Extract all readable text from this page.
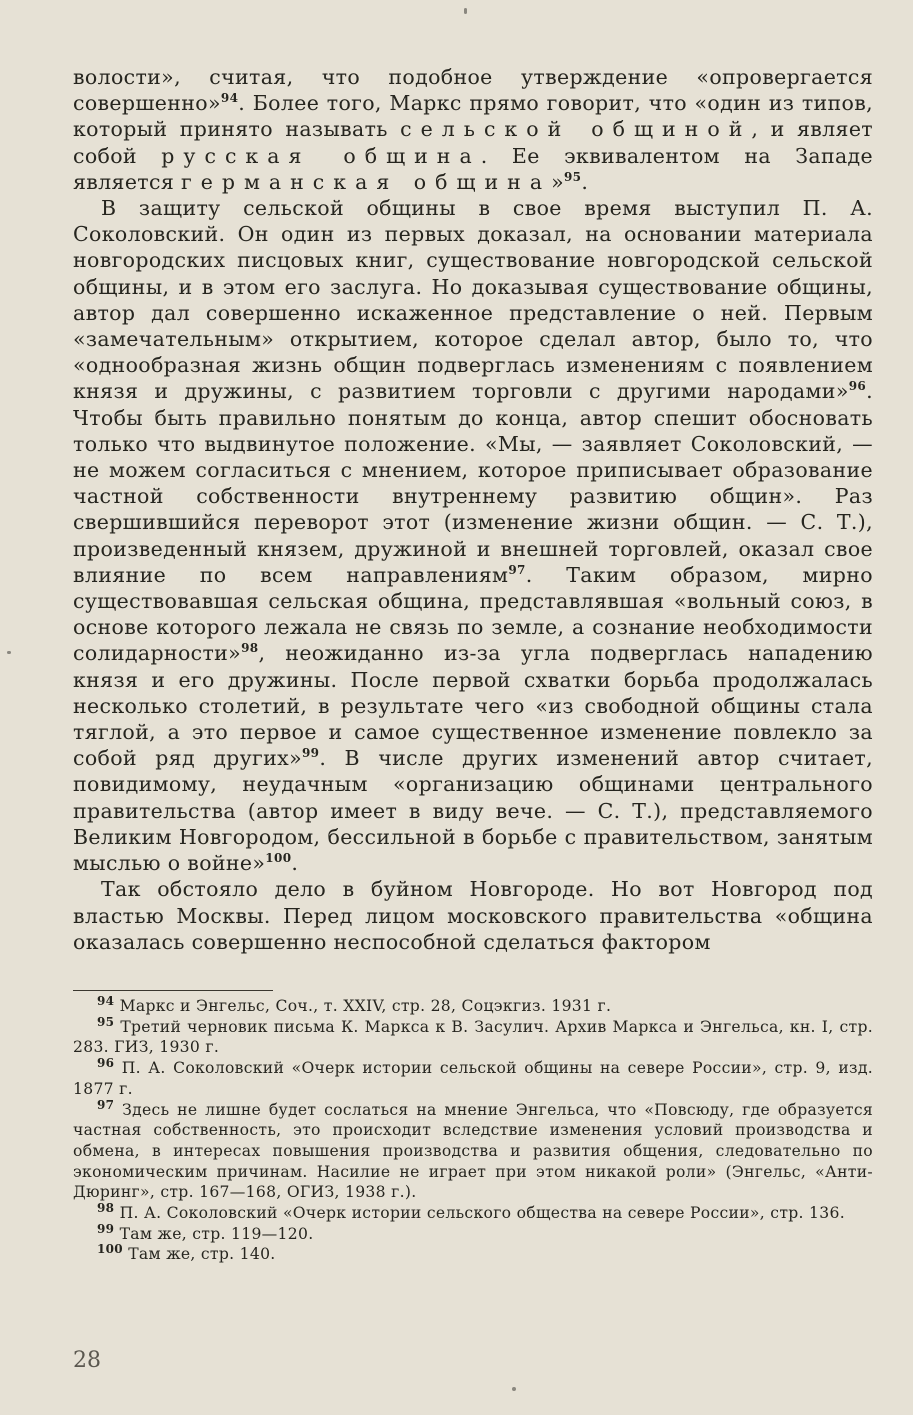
волости», считая, что подобное утверждение «опровергается совершенно»$^{94}$. Более того, Маркс прямо говорит, что «один из типов, который принято называть сельской общиной, и являет собой русская община. Ее эквивалентом на Западе является германская община»$^{95}$.

В защиту сельской общины в свое время выступил П. А. Соколовский. Он один из первых доказал, на основании материала новгородских писцовых книг, существование новгородской сельской общины, и в этом его заслуга. Но доказывая существование общины, автор дал совершенно искаженное представление о ней. Первым «замечательным» открытием, которое сделал автор, было то, что «однообразная жизнь общин подверглась изменениям с появлением князя и дружины, с развитием торговли с другими народами»$^{96}$. Чтобы быть правильно понятым до конца, автор спешит обосновать только что выдвинутое положение. «Мы, — заявляет Соколовский, — не можем согласиться с мнением, которое приписывает образование частной собственности внутреннему развитию общин». Раз свершившийся переворот этот (изменение жизни общин. — С. Т.), произведенный князем, дружиной и внешней торговлей, оказал свое влияние по всем направлениям$^{97}$. Таким образом, мирно существовавшая сельская община, представлявшая «вольный союз, в основе которого лежала не связь по земле, а сознание необходимости солидарности»$^{98}$, неожиданно из-за угла подверглась нападению князя и его дружины. После первой схватки борьба продолжалась несколько столетий, в результате чего «из свободной общины стала тяглой, а это первое и самое существенное изменение повлекло за собой ряд других»$^{99}$. В числе других изменений автор считает, повидимому, неудачным «организацию общинами центрального правительства (автор имеет в виду вече. — С. Т.), представляемого Великим Новгородом, бессильной в борьбе с правительством, занятым мыслью о войне»$^{100}$.

Так обстояло дело в буйном Новгороде. Но вот Новгород под властью Москвы. Перед лицом московского правительства «община оказалась совершенно неспособной сделаться фактором

$^{94}$ Маркс и Энгельс, Соч., т. XXIV, стр. 28, Соцэкгиз. 1931 г.

$^{95}$ Третий черновик письма К. Маркса к В. Засулич. Архив Маркса и Энгельса, кн. I, стр. 283. ГИЗ, 1930 г.

$^{96}$ П. А. Соколовский «Очерк истории сельской общины на севере России», стр. 9, изд. 1877 г.

$^{97}$ Здесь не лишне будет сослаться на мнение Энгельса, что «Повсюду, где образуется частная собственность, это происходит вследствие изменения условий производства и обмена, в интересах повышения производства и развития общения, следовательно по экономическим причинам. Насилие не играет при этом никакой роли» (Энгельс, «Анти-Дюринг», стр. 167—168, ОГИЗ, 1938 г.).

$^{98}$ П. А. Соколовский «Очерк истории сельского общества на севере России», стр. 136.

$^{99}$ Там же, стр. 119—120.

$^{100}$ Там же, стр. 140.

28
